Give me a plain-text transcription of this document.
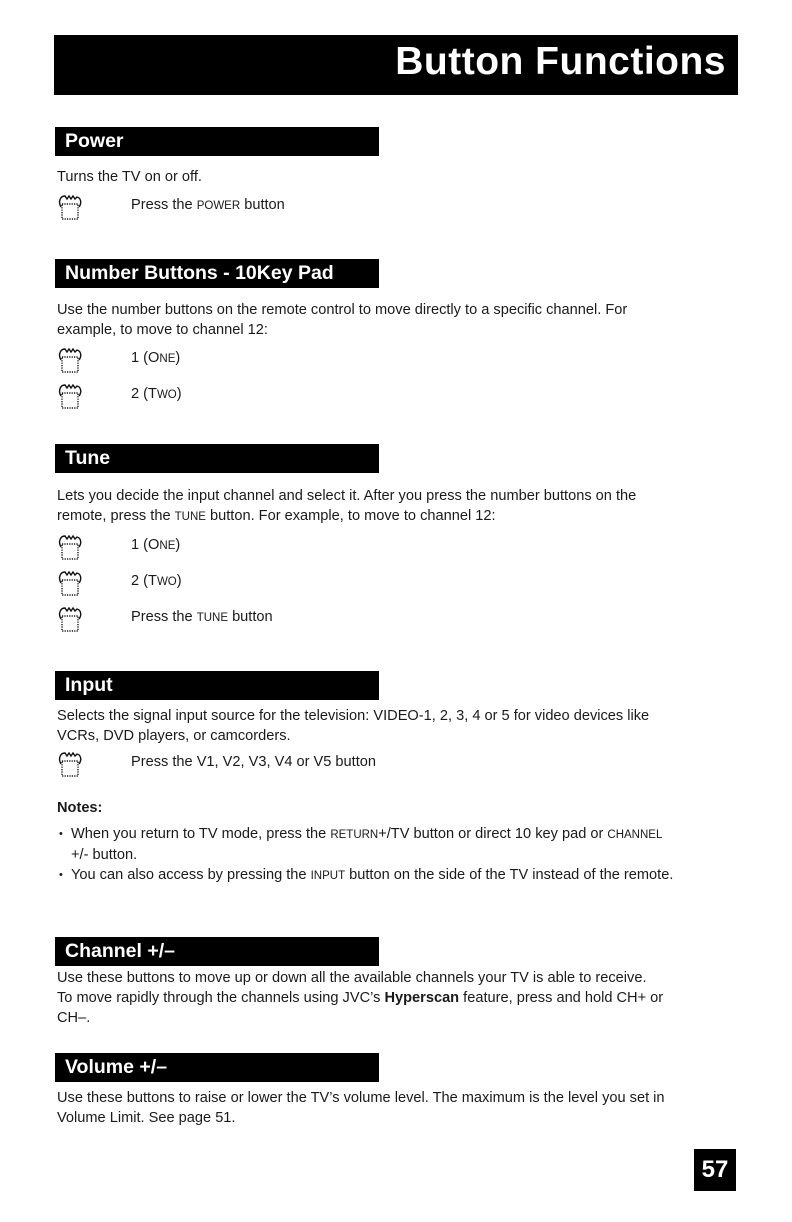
Button Functions
Power

Turns the TV on or off.

Press the POWER button
Number Buttons - 10Key Pad

Use the number buttons on the remote control to move directly to a specific channel. For

example, to move to channel 12:

1 (ONE)
2 (TWO)
Tune

Lets you decide the input channel and select it. After you press the number buttons on the

remote, press the TUNE button. For example, to move to channel 12:

1 (ONE)
2 (TWO)
Press the TUNE button
Input

Selects the signal input source for the television: VIDEO-1, 2, 3, 4 or 5 for video devices like

VCRs, DVD players, or camcorders.

Press the V1, V2, V3, V4 or V5 button

Notes:

• When you return to TV mode, press the RETURN+/TV button or direct 10 key pad or CHANNEL
+/- button.
• You can also access by pressing the INPUT button on the side of the TV instead of the remote.
Channel +/–

Use these buttons to move up or down all the available channels your TV is able to receive.

To move rapidly through the channels using JVC’s Hyperscan feature, press and hold CH+ or

CH–.

Volume +/–

Use these buttons to raise or lower the TV’s volume level. The maximum is the level you set in

Volume Limit. See page 51.

57
